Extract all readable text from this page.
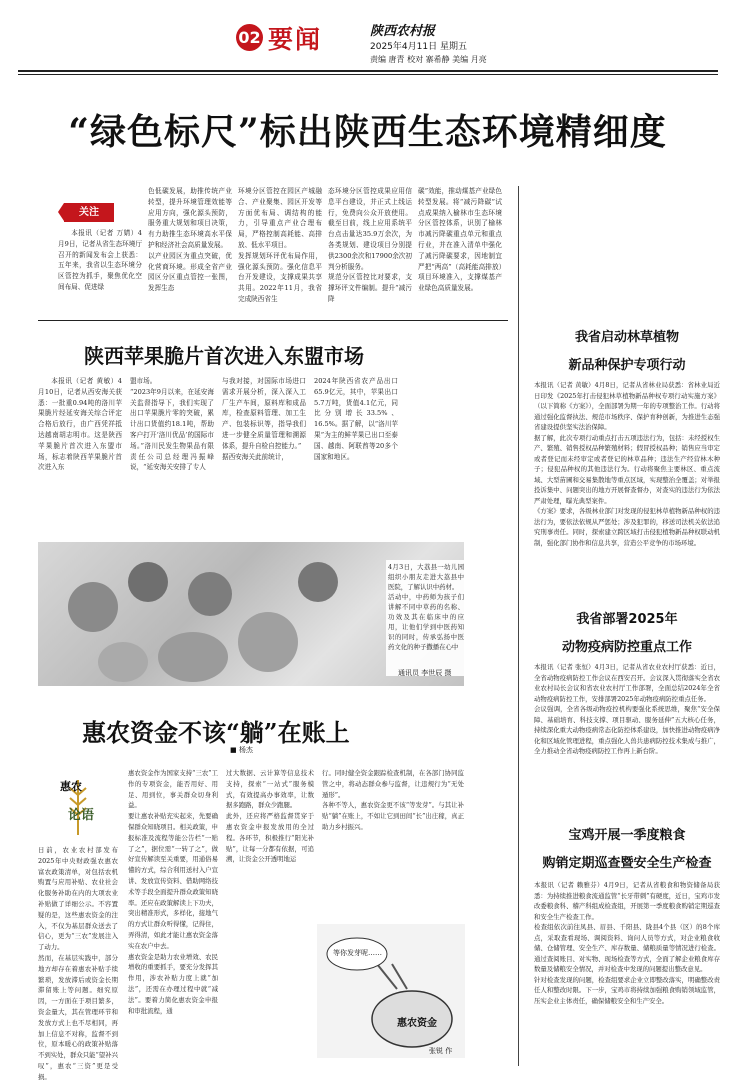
02 要闻	陕西农村报
2025年4月11日 星期五
责编 唐青 校对 寨希静 美编 月亮
“绿色标尺”标出陕西生态环境精细度
关注

本报讯（记者 万婧）4月9日，记者从省生态环境厅召开的新闻发布会上获悉：五年来，我省以生态环境分区管控为抓手，聚焦优化空间布局、促进绿

色低碳发展，助推传统产业转型，提升环境管理效能等应用方向，强化源头预防，服务重大规划和项目决策，有力助推生态环境高水平保护和经济社会高质量发展。
以产业园区为重点突破，优化营商环境。形成全省产业园区分区重点管控一张图，发挥生态
环境分区管控在园区产城融合、产业聚集、园区开发等方面优布局、调结构的能力，引导重点产业合理布局，严格控制高耗能、高排放、低水平项目。
发挥规划环评优布局作用，强化源头预防。强化信息平台开发建设，支撑成果共享共用。2022年11月，我省完成陕西省生
态环境分区管控成果应用信息平台建设，并正式上线运行，免费向公众开放使用。截至目前，线上应用系统平台点击量达35.9万余次，为各类规划、建设项目分别提供2300余次和17900余次初判分析服务。
规范分区管控比对要求，支撑环评文件编制。提升“减污降
碳”效能，推动煤基产业绿色转型发展。将“减污降碳”试点成果纳入榆林市生态环境分区管控体系，识别了榆林市减污降碳重点单元和重点行业，并在准入清单中强化了减污降碳要求，因地制宜严把“两高”（高耗能高排放）项目环境准入，支撑煤基产业绿色高质量发展。
陕西苹果脆片首次进入东盟市场

本报讯（记者 黄敏）4月10日，记者从西安海关获悉：一批重0.94吨的洛川苹果脆片经延安海关综合评定合格后放行，由广西凭祥抵达越南胡志明市。这是陕西苹果脆片首次进入东盟市场，标志着陕西苹果脆片首次进入东

盟市场。
“2023年9月以来，在延安海关监督指导下，我们实现了出口苹果脆片零的突破，累计出口货值约18.1吨，帮助客户打开‘洛川优品’的国际市场。”洛川民发生物果品有限责任公司总经理冯振峰说，“延安海关安排了专人
与我对接，对国际市场进口需求开展分析，深入深入工厂生产车间，原料库和成品库，检查原料管理、加工生产、包装标识等，指导我们进一步健全质量管理和溯源体系，提升自检自控能力。”
据西安海关此前统计，
2024年陕西省农产品出口65.9亿元，其中，苹果出口5.7万吨，货值4.1亿元，同比分别增长33.5%、16.5%。据了解，以“洛川苹果”为主的鲜苹果已出口至泰国、越南、阿联酋等20多个国家和地区。
4月3日，大荔县一幼儿园组织小朋友走进大荔县中医院，了解认识中药材。
活动中，中药师为孩子们讲解不同中草药的名称、功效及其在临床中的应用，让他们学到中医药知识的同时，传承弘扬中医药文化的种子撒播在心中
通讯员 李世辰 摄
惠农资金不该“躺”在账上
■ 杨杰
惠农
论语
日前，农业农村部发布2025年中央财政强农惠农富农政策清单，对包括农机购置与应用补贴、农业社会化服务补助在内的大项农业补贴做了详细公示。不容置疑的是，这些惠农资金的注入，不仅为基层群众送去了信心，更为“三农”发展注入了动力。
然而，在基层实践中，部分地方却存在着惠农补贴手续繁琐，发放滞后或资金长期滞留账上等问题。细究原因，一方面在于项目繁多，资金量大，其在管理环节和发放方式上也不尽相同，再加上信息不对称，监督不到位，原本暖心的政策补贴落不到实处，群众只能“望补兴叹”，惠农“三资”更是受损。
惠农资金作为国家支持“三农”工作的专项资金，能否用好、用足、用到位，事关群众切身利益。
要让惠农补贴充实起来，先要确保群众知晓项目。相关政策，申报标准及流程等能公告栏“一贴了之”，据位需“一转了之”，做好宣传解读至关重要，用通俗易懂的方式，综合利用送村入户宣讲、发放宣传资料、借助网络技术等手段全面提升群众政策知晓率。还应在政策解读上下功夫，突出精准形式，多样化，接地气的方式让群众听得懂，记得住，弄得清，如此才能让惠农资金落实在农户中去。
惠农资金是助力农业增效、农民增收的重要抓手，要充分发挥其作用，涉农补贴力度上就“加法”，还需在办理过程中就“减法”。要着力简化惠农资金申报和审批流程，通
过大数据、云计算等信息技术支持，探索“一站式”服务模式，有效提高办事效率，让数据多跑路，群众少跑腿。
此外，还应将严格监督贯穿于惠农资金申报发放用的全过程。各环节，积极推行“阳光补贴”，让每一分都有依据，可追溯，让资金公开透明地运
行。同时健全资金跟踪检查机制，在各部门协同监管之中，将动态群众参与监督，让违规行为“无处遁形”。
各种不等人，惠农资金更不该“等发芽”。与其让补贴“躺”在账上，不如让它到田间“长”出庄稼，真正助力乡村振兴。
惠农资金
等你发芽呢……
张锐 作
我省启动林草植物
新品种保护专项行动
本报讯（记者 黄敏）4月8日，记者从省林业局获悉：省林业局近日印发《2025年打击侵犯林草植物新品种权专项行动实施方案》（以下简称《方案》），全面部署为期一年的专项整治工作。行动将通过强化监督执法、规范市场秩序、保护育种创新，为推进生态强省建设提供坚实法治保障。
据了解，此次专项行动重点打击五项违法行为，包括：未经授权生产、繁殖、销售授权品种繁殖材料；假冒授权品种；销售应当审定或者登记而未经审定或者登记的林草品种；违法生产经营林木种子；侵犯品种权的其他违法行为。行动将聚焦主要林区、重点流域、大型苗圃和交易集散地等重点区域，实现整治全覆盖；对举报投诉集中、问题突出的地方开展督查督办，对查实的违法行为依法严肃处理，曝光典型案件。
《方案》要求，各级林业部门对发现的侵犯林草植物新品种权的违法行为，要依法依规从严惩处；涉及犯罪的，移送司法机关依法追究刑事责任。同时，探索建立跨区域打击侵犯植物新品种权联动机制，强化部门协作和信息共享，营造公平竞争的市场环境。
我省部署2025年
动物疫病防控重点工作
本报讯（记者 张恒）4月3日，记者从省农业农村厅获悉：近日，全省动物疫病防控工作会议在西安召开。会议深入贯彻落实全省农业农村局长会议和省农业农村厅工作部署，全面总结2024年全省动物疫病防控工作，安排部署2025年动物疫病防控重点任务。
会议强调，全省各级动物疫控机构要强化系统思维，聚焦“安全保障、基础培育、科技支撑、项目驱动、服务延伸”五大核心任务，持续深化重大动物疫病常态化防控体系建设，加快推进动物疫病净化和区域化管理进程，重点强化人兽共患病防控技术集成与推广，全力推动全省动物疫病防控工作再上新台阶。
宝鸡开展一季度粮食
购销定期巡查暨安全生产检查
本报讯（记者 赖雅芬）4月9日，记者从省粮食和物资储备局获悉：为持续推进粮食流通监管“长牙带刺”有硬度，近日，宝鸡市发改委粮食科、稽产科组成检查组，开展第一季度粮食购销定期巡查和安全生产检查工作。
检查组依次前往凤县、眉县、千阳县、陇县4个县（区）的8个库点，采取查看现场、调阅资料、询问人员等方式，对企业粮食收储、仓储管理、安全生产、库存数量、储粮质量等情况进行检查。通过查阅账目、对实物、现场检查等方式，全面了解企业粮食库存数量及储粮安全情况，并对检查中发现的问题提出整改意见。
针对检查发现的问题，检查组要求企业立即整改落实，明确整改责任人和整改时限。下一步，宝鸡市将持续加强粮食购销领域监管，压实企业主体责任，确保储粮安全和生产安全。
